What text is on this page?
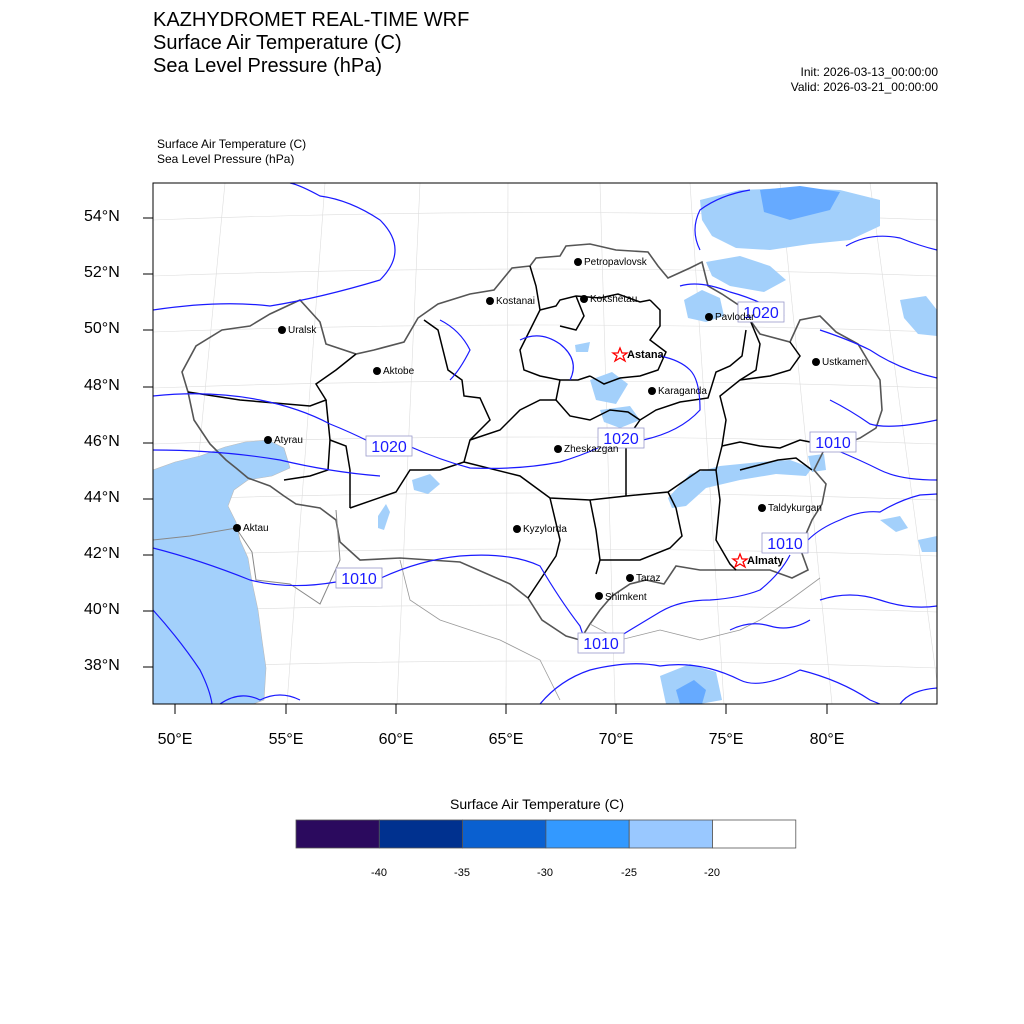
KAZHYDROMET REAL-TIME WRF
Surface Air Temperature (C)
Sea Level Pressure (hPa)	Init: 2026-03-13_00:00:00
Valid: 2026-03-21_00:00:00
Surface Air Temperature (C)
Sea Level Pressure (hPa)
1020	1020
1020
1010
1010
1010
1010
Petropavlovsk
Kostanai	Kokshetau
Pavlodar
Uralsk
Astana
Ustkamen
Aktobe
Karaganda
Atyrau
Zheskazgan
Taldykurgan
Aktau	Kyzylorda
Almaty
Taraz
Shimkent
54°N
52°N
50°N
48°N
46°N
44°N
42°N
40°N
38°N
50°E	55°E	60°E	65°E	70°E	75°E	80°E
Surface Air Temperature (C)
-40	-35	-30	-25	-20
